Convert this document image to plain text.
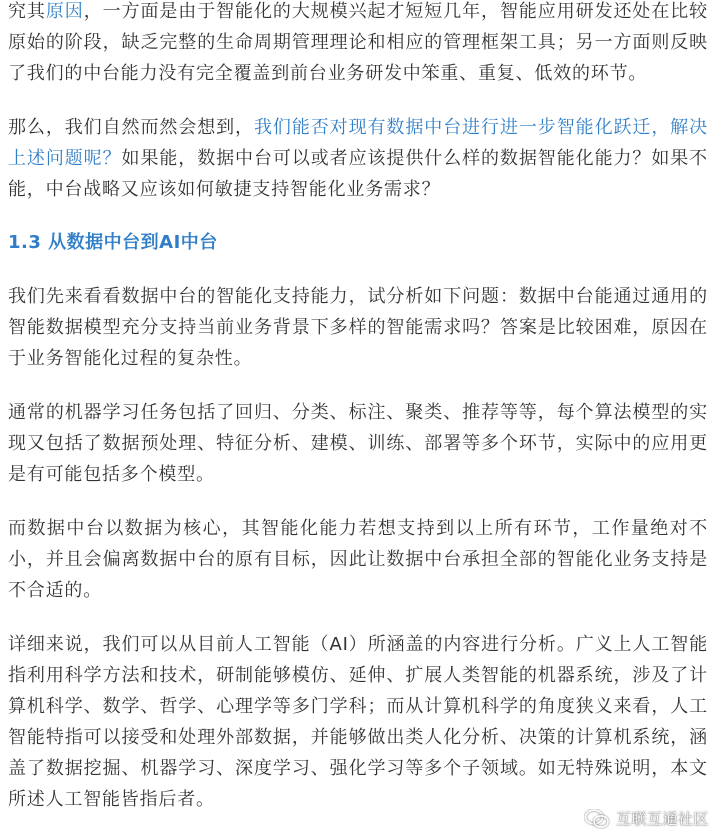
究其原因，一方面是由于智能化的大规模兴起才短短几年，智能应用研发还处在比较原始的阶段，缺乏完整的生命周期管理理论和相应的管理框架工具；另一方面则反映了我们的中台能力没有完全覆盖到前台业务研发中笨重、重复、低效的环节。

那么，我们自然而然会想到，我们能否对现有数据中台进行进一步智能化跃迁，解决上述问题呢？如果能，数据中台可以或者应该提供什么样的数据智能化能力？如果不能，中台战略又应该如何敏捷支持智能化业务需求？

1.3 从数据中台到AI中台

我们先来看看数据中台的智能化支持能力，试分析如下问题：数据中台能通过通用的智能数据模型充分支持当前业务背景下多样的智能需求吗？答案是比较困难，原因在于业务智能化过程的复杂性。

通常的机器学习任务包括了回归、分类、标注、聚类、推荐等等，每个算法模型的实现又包括了数据预处理、特征分析、建模、训练、部署等多个环节，实际中的应用更是有可能包括多个模型。

而数据中台以数据为核心，其智能化能力若想支持到以上所有环节，工作量绝对不小，并且会偏离数据中台的原有目标，因此让数据中台承担全部的智能化业务支持是不合适的。

详细来说，我们可以从目前人工智能（AI）所涵盖的内容进行分析。广义上人工智能指利用科学方法和技术，研制能够模仿、延伸、扩展人类智能的机器系统，涉及了计算机科学、数学、哲学、心理学等多门学科；而从计算机科学的角度狭义来看，人工智能特指可以接受和处理外部数据，并能够做出类人化分析、决策的计算机系统，涵盖了数据挖掘、机器学习、深度学习、强化学习等多个子领域。如无特殊说明，本文所述人工智能皆指后者。

互联互通社区
